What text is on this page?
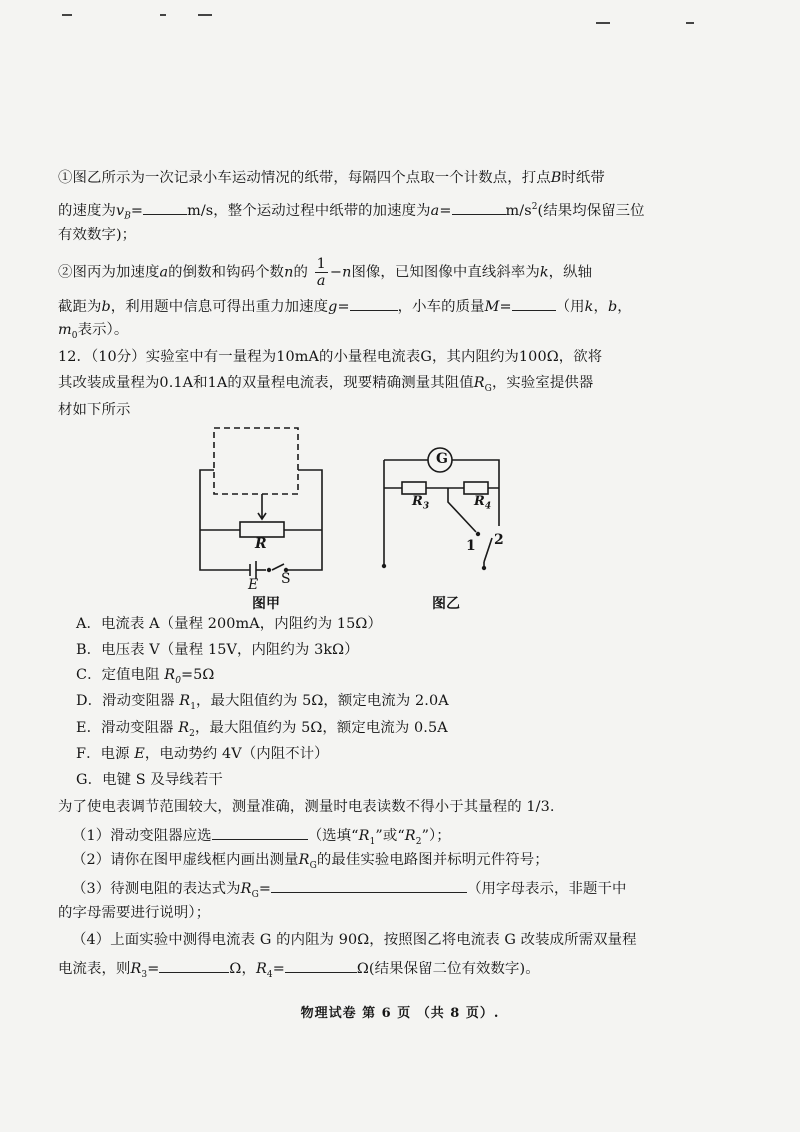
①图乙所示为一次记录小车运动情况的纸带，每隔四个点取一个计数点，打点B时纸带
的速度为$v_B=$	m/s，整个运动过程中纸带的加速度为a=	$m/s^2$(结果均保留三位
有效数字)；
②图丙为加速度a的倒数和钩码个数n的 $\frac{1}{a} -n$图像，已知图像中直线斜率为k，纵轴
截距为b，利用题中信息可得出重力加速度g=	，小车的质量M=	（用k，b，
$m_0$表示）。
12．（10分）实验室中有一量程为10mA的小量程电流表G，其内阻约为100Ω，欲将
其改装成量程为0.1A和1A的双量程电流表，现要精确测量其阻值$R_G$，实验室提供器
材如下所示
R
E S
图甲
G
$R_3$	$R_4$
1 2
图乙
A．电流表 A（量程 200mA，内阻约为 15Ω）
B．电压表 V（量程 15V，内阻约为 3kΩ）
C．定值电阻 $R_0=5\Omega$
D．滑动变阻器 $R_1$，最大阻值约为 5Ω，额定电流为 2.0A
E．滑动变阻器 $R_2$，最大阻值约为 5Ω，额定电流为 0.5A
F．电源 E，电动势约 4V（内阻不计）
G．电键 S 及导线若干
为了使电表调节范围较大，测量准确，测量时电表读数不得小于其量程的 1/3.
（1）滑动变阻器应选	（选填“$R_1$”或“$R_2$”）；
（2）请你在图甲虚线框内画出测量$R_G$的最佳实验电路图并标明元件符号；
（3）待测电阻的表达式为$R_G=$	（用字母表示，非题干中
的字母需要进行说明）；
（4）上面实验中测得电流表 G 的内阻为 90Ω，按照图乙将电流表 G 改装成所需双量程
电流表，则$R_3=$	Ω，$R_4=$	Ω(结果保留二位有效数字)。
物理试卷 第 6 页 （共 8 页）.
